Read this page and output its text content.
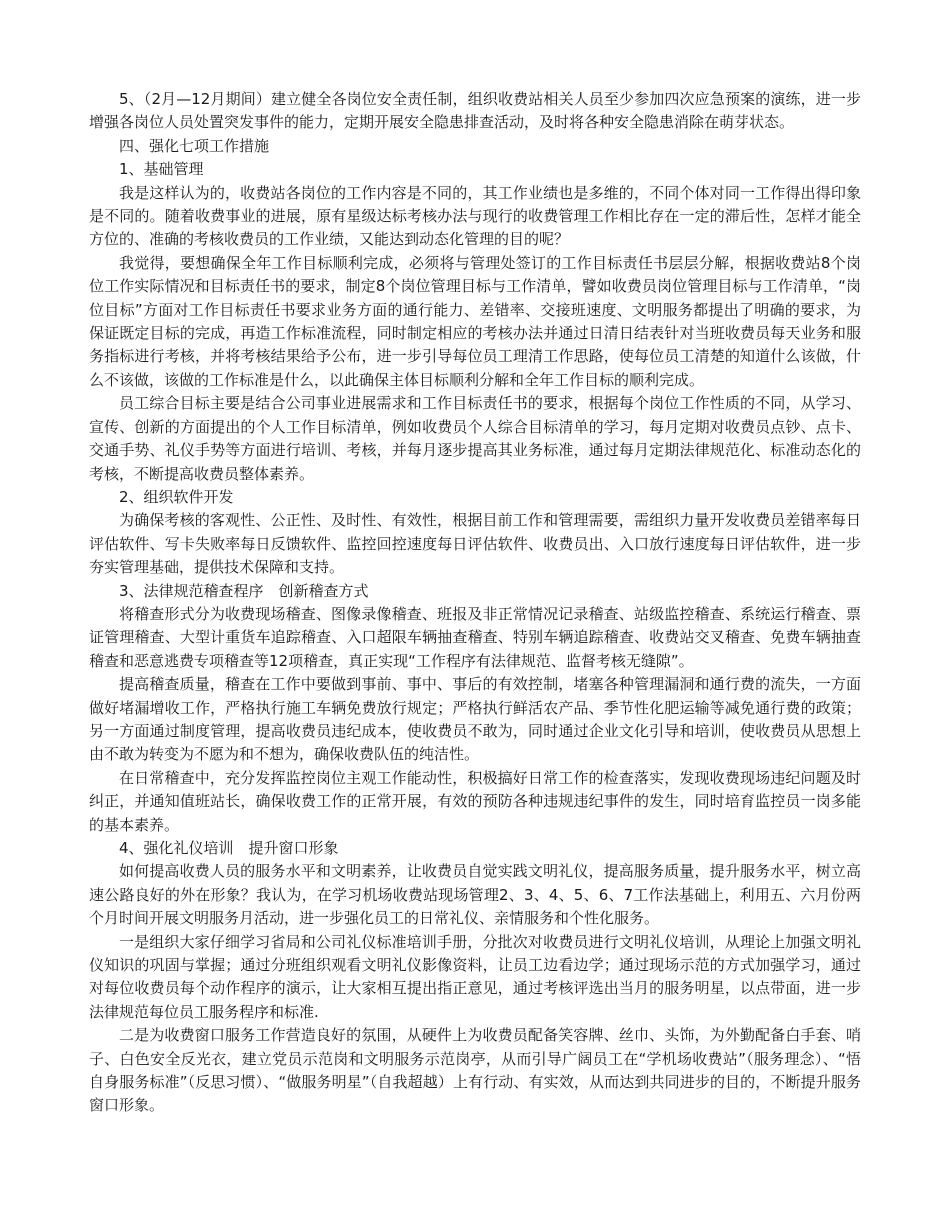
5、（2月—12月期间）建立健全各岗位安全责任制，组织收费站相关人员至少参加四次应急预案的演练，进一步增强各岗位人员处置突发事件的能力，定期开展安全隐患排查活动，及时将各种安全隐患消除在萌芽状态。

四、强化七项工作措施

1、基础管理

我是这样认为的，收费站各岗位的工作内容是不同的，其工作业绩也是多维的，不同个体对同一工作得出得印象是不同的。随着收费事业的进展，原有星级达标考核办法与现行的收费管理工作相比存在一定的滞后性，怎样才能全方位的、准确的考核收费员的工作业绩，又能达到动态化管理的目的呢？

我觉得，要想确保全年工作目标顺利完成，必须将与管理处签订的工作目标责任书层层分解，根据收费站8个岗位工作实际情况和目标责任书的要求，制定8个岗位管理目标与工作清单，譬如收费员岗位管理目标与工作清单，“岗位目标”方面对工作目标责任书要求业务方面的通行能力、差错率、交接班速度、文明服务都提出了明确的要求，为保证既定目标的完成，再造工作标准流程，同时制定相应的考核办法并通过日清日结表针对当班收费员每天业务和服务指标进行考核，并将考核结果给予公布，进一步引导每位员工理清工作思路，使每位员工清楚的知道什么该做，什么不该做，该做的工作标准是什么，以此确保主体目标顺利分解和全年工作目标的顺利完成。

员工综合目标主要是结合公司事业进展需求和工作目标责任书的要求，根据每个岗位工作性质的不同，从学习、宣传、创新的方面提出的个人工作目标清单，例如收费员个人综合目标清单的学习，每月定期对收费员点钞、点卡、交通手势、礼仪手势等方面进行培训、考核，并每月逐步提高其业务标准，通过每月定期法律规范化、标准动态化的考核，不断提高收费员整体素养。

2、组织软件开发

为确保考核的客观性、公正性、及时性、有效性，根据目前工作和管理需要，需组织力量开发收费员差错率每日评估软件、写卡失败率每日反馈软件、监控回控速度每日评估软件、收费员出、入口放行速度每日评估软件，进一步夯实管理基础，提供技术保障和支持。

3、法律规范稽查程序　创新稽查方式

将稽查形式分为收费现场稽查、图像录像稽查、班报及非正常情况记录稽查、站级监控稽查、系统运行稽查、票证管理稽查、大型计重货车追踪稽查、入口超限车辆抽查稽查、特别车辆追踪稽查、收费站交叉稽查、免费车辆抽查稽查和恶意逃费专项稽查等12项稽查，真正实现“工作程序有法律规范、监督考核无缝隙”。

提高稽查质量，稽查在工作中要做到事前、事中、事后的有效控制，堵塞各种管理漏洞和通行费的流失，一方面做好堵漏增收工作，严格执行施工车辆免费放行规定；严格执行鲜活农产品、季节性化肥运输等减免通行费的政策；另一方面通过制度管理，提高收费员违纪成本，使收费员不敢为，同时通过企业文化引导和培训，使收费员从思想上由不敢为转变为不愿为和不想为，确保收费队伍的纯洁性。

在日常稽查中，充分发挥监控岗位主观工作能动性，积极搞好日常工作的检查落实，发现收费现场违纪问题及时纠正，并通知值班站长，确保收费工作的正常开展，有效的预防各种违规违纪事件的发生，同时培育监控员一岗多能的基本素养。

4、强化礼仪培训　提升窗口形象

如何提高收费人员的服务水平和文明素养，让收费员自觉实践文明礼仪，提高服务质量，提升服务水平，树立高速公路良好的外在形象？我认为，在学习机场收费站现场管理2、3、4、5、6、7工作法基础上，利用五、六月份两个月时间开展文明服务月活动，进一步强化员工的日常礼仪、亲情服务和个性化服务。

一是组织大家仔细学习省局和公司礼仪标准培训手册，分批次对收费员进行文明礼仪培训，从理论上加强文明礼仪知识的巩固与掌握；通过分班组织观看文明礼仪影像资料，让员工边看边学；通过现场示范的方式加强学习，通过对每位收费员每个动作程序的演示，让大家相互提出指正意见，通过考核评选出当月的服务明星，以点带面，进一步法律规范每位员工服务程序和标准.

二是为收费窗口服务工作营造良好的氛围，从硬件上为收费员配备笑容牌、丝巾、头饰，为外勤配备白手套、哨子、白色安全反光衣，建立党员示范岗和文明服务示范岗亭，从而引导广阔员工在“学机场收费站”（服务理念）、“悟自身服务标准”（反思习惯）、“做服务明星”（自我超越）上有行动、有实效，从而达到共同进步的目的，不断提升服务窗口形象。
